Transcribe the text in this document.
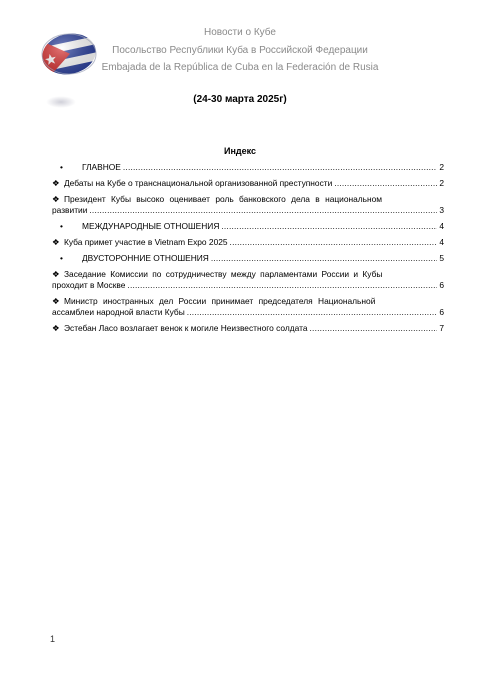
Новости о Кубе
Посольство Республики Куба в Российской Федерации
Embajada de la República de Cuba en la Federación de Rusia
(24-30 марта 2025г)
Индекс
•	ГЛАВНОЕ .....	2
❖ Дебаты на Кубе о транснациональной организованной преступности .....	2
❖ Президент Кубы высоко оценивает роль банковского дела в национальном
развитии .....	3
•	МЕЖДУНАРОДНЫЕ ОТНОШЕНИЯ .....	4
❖ Куба примет участие в Vietnam Expo 2025 .....	4
•	ДВУСТОРОННИЕ ОТНОШЕНИЯ .....	5
❖ Заседание Комиссии по сотрудничеству между парламентами России и Кубы
проходит в Москве .....	6
❖ Министр иностранных дел России принимает председателя Национальной
ассамблеи народной власти Кубы .....	6
❖ Эстебан Ласо возлагает венок к могиле Неизвестного солдата .....	7
1
